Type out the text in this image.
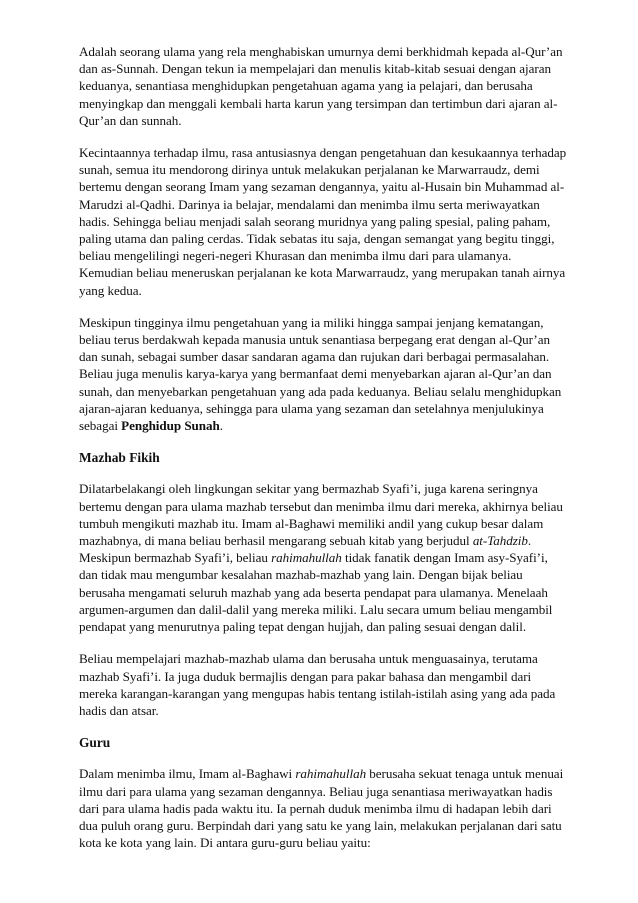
Adalah seorang ulama yang rela menghabiskan umurnya demi berkhidmah kepada al-Qur’an
dan as-Sunnah. Dengan tekun ia mempelajari dan menulis kitab-kitab sesuai dengan ajaran
keduanya, senantiasa menghidupkan pengetahuan agama yang ia pelajari, dan berusaha
menyingkap dan menggali kembali harta karun yang tersimpan dan tertimbun dari ajaran al-
Qur’an dan sunnah.
Kecintaannya terhadap ilmu, rasa antusiasnya dengan pengetahuan dan kesukaannya terhadap
sunah, semua itu mendorong dirinya untuk melakukan perjalanan ke Marwarraudz, demi
bertemu dengan seorang Imam yang sezaman dengannya, yaitu al-Husain bin Muhammad al-
Marudzi al-Qadhi. Darinya ia belajar, mendalami dan menimba ilmu serta meriwayatkan
hadis. Sehingga beliau menjadi salah seorang muridnya yang paling spesial, paling paham,
paling utama dan paling cerdas. Tidak sebatas itu saja, dengan semangat yang begitu tinggi,
beliau mengelilingi negeri-negeri Khurasan dan menimba ilmu dari para ulamanya.
Kemudian beliau meneruskan perjalanan ke kota Marwarraudz, yang merupakan tanah airnya
yang kedua.
Meskipun tingginya ilmu pengetahuan yang ia miliki hingga sampai jenjang kematangan,
beliau terus berdakwah kepada manusia untuk senantiasa berpegang erat dengan al-Qur’an
dan sunah, sebagai sumber dasar sandaran agama dan rujukan dari berbagai permasalahan.
Beliau juga menulis karya-karya yang bermanfaat demi menyebarkan ajaran al-Qur’an dan
sunah, dan menyebarkan pengetahuan yang ada pada keduanya. Beliau selalu menghidupkan
ajaran-ajaran keduanya, sehingga para ulama yang sezaman dan setelahnya menjulukinya
sebagai Penghidup Sunah.
Mazhab Fikih
Dilatarbelakangi oleh lingkungan sekitar yang bermazhab Syafi’i, juga karena seringnya
bertemu dengan para ulama mazhab tersebut dan menimba ilmu dari mereka, akhirnya beliau
tumbuh mengikuti mazhab itu. Imam al-Baghawi memiliki andil yang cukup besar dalam
mazhabnya, di mana beliau berhasil mengarang sebuah kitab yang berjudul at-Tahdzib.
Meskipun bermazhab Syafi’i, beliau rahimahullah tidak fanatik dengan Imam asy-Syafi’i,
dan tidak mau mengumbar kesalahan mazhab-mazhab yang lain. Dengan bijak beliau
berusaha mengamati seluruh mazhab yang ada beserta pendapat para ulamanya. Menelaah
argumen-argumen dan dalil-dalil yang mereka miliki. Lalu secara umum beliau mengambil
pendapat yang menurutnya paling tepat dengan hujjah, dan paling sesuai dengan dalil.
Beliau mempelajari mazhab-mazhab ulama dan berusaha untuk menguasainya, terutama
mazhab Syafi’i. Ia juga duduk bermajlis dengan para pakar bahasa dan mengambil dari
mereka karangan-karangan yang mengupas habis tentang istilah-istilah asing yang ada pada
hadis dan atsar.
Guru
Dalam menimba ilmu, Imam al-Baghawi rahimahullah berusaha sekuat tenaga untuk menuai
ilmu dari para ulama yang sezaman dengannya. Beliau juga senantiasa meriwayatkan hadis
dari para ulama hadis pada waktu itu. Ia pernah duduk menimba ilmu di hadapan lebih dari
dua puluh orang guru. Berpindah dari yang satu ke yang lain, melakukan perjalanan dari satu
kota ke kota yang lain. Di antara guru-guru beliau yaitu:
